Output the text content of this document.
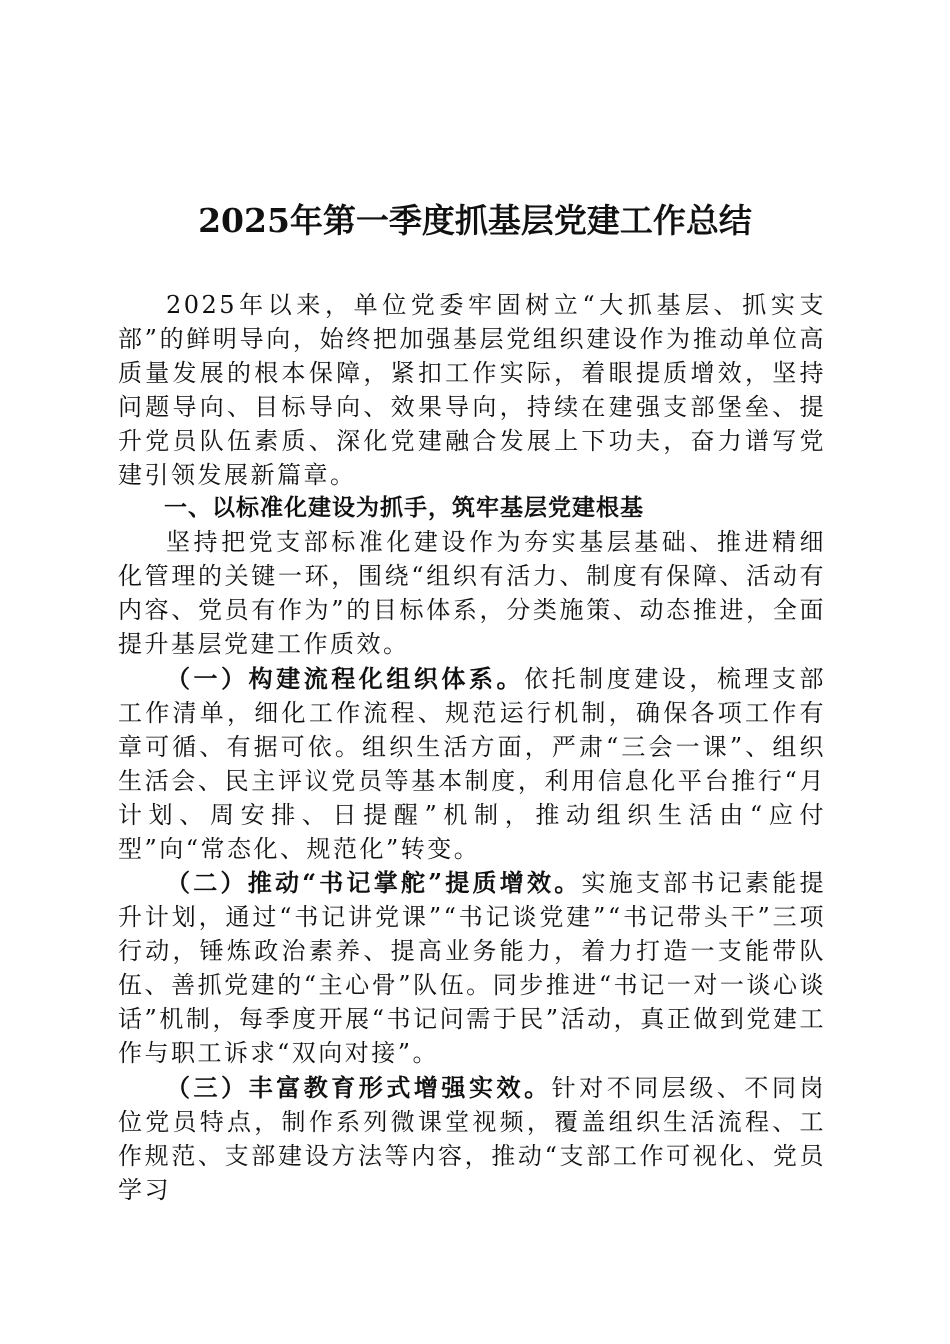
2025年第一季度抓基层党建工作总结

2025年以来，单位党委牢固树立“大抓基层、抓实支部”的鲜明导向，始终把加强基层党组织建设作为推动单位高质量发展的根本保障，紧扣工作实际，着眼提质增效，坚持问题导向、目标导向、效果导向，持续在建强支部堡垒、提升党员队伍素质、深化党建融合发展上下功夫，奋力谱写党建引领发展新篇章。

一、以标准化建设为抓手，筑牢基层党建根基

坚持把党支部标准化建设作为夯实基层基础、推进精细化管理的关键一环，围绕“组织有活力、制度有保障、活动有内容、党员有作为”的目标体系，分类施策、动态推进，全面提升基层党建工作质效。

（一）构建流程化组织体系。依托制度建设，梳理支部工作清单，细化工作流程、规范运行机制，确保各项工作有章可循、有据可依。组织生活方面，严肃“三会一课”、组织生活会、民主评议党员等基本制度，利用信息化平台推行“月计划、周安排、日提醒”机制，推动组织生活由“应付型”向“常态化、规范化”转变。

（二）推动“书记掌舵”提质增效。实施支部书记素能提升计划，通过“书记讲党课”“书记谈党建”“书记带头干”三项行动，锤炼政治素养、提高业务能力，着力打造一支能带队伍、善抓党建的“主心骨”队伍。同步推进“书记一对一谈心谈话”机制，每季度开展“书记问需于民”活动，真正做到党建工作与职工诉求“双向对接”。

（三）丰富教育形式增强实效。针对不同层级、不同岗位党员特点，制作系列微课堂视频，覆盖组织生活流程、工作规范、支部建设方法等内容，推动“支部工作可视化、党员学习
